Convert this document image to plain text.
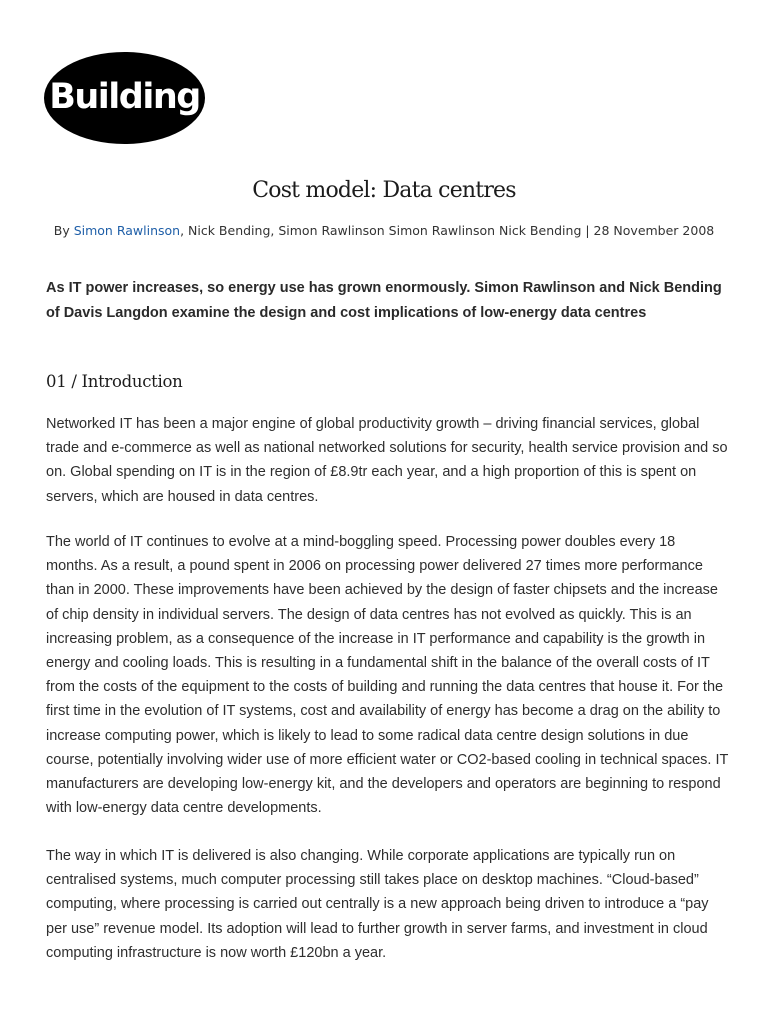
Building
Cost model: Data centres
By Simon Rawlinson, Nick Bending, Simon Rawlinson Simon Rawlinson Nick Bending | 28 November 2008

As IT power increases, so energy use has grown enormously. Simon Rawlinson and Nick Bending of Davis Langdon examine the design and cost implications of low-energy data centres

01 / Introduction

Networked IT has been a major engine of global productivity growth – driving financial services, global trade and e-commerce as well as national networked solutions for security, health service provision and so on. Global spending on IT is in the region of £8.9tr each year, and a high proportion of this is spent on servers, which are housed in data centres.

The world of IT continues to evolve at a mind-boggling speed. Processing power doubles every 18 months. As a result, a pound spent in 2006 on processing power delivered 27 times more performance than in 2000. These improvements have been achieved by the design of faster chipsets and the increase of chip density in individual servers. The design of data centres has not evolved as quickly. This is an increasing problem, as a consequence of the increase in IT performance and capability is the growth in energy and cooling loads. This is resulting in a fundamental shift in the balance of the overall costs of IT from the costs of the equipment to the costs of building and running the data centres that house it. For the first time in the evolution of IT systems, cost and availability of energy has become a drag on the ability to increase computing power, which is likely to lead to some radical data centre design solutions in due course, potentially involving wider use of more efficient water or CO2-based cooling in technical spaces. IT manufacturers are developing low-energy kit, and the developers and operators are beginning to respond with low-energy data centre developments.

The way in which IT is delivered is also changing. While corporate applications are typically run on centralised systems, much computer processing still takes place on desktop machines. “Cloud-based” computing, where processing is carried out centrally is a new approach being driven to introduce a “pay per use” revenue model. Its adoption will lead to further growth in server farms, and investment in cloud computing infrastructure is now worth £120bn a year.
